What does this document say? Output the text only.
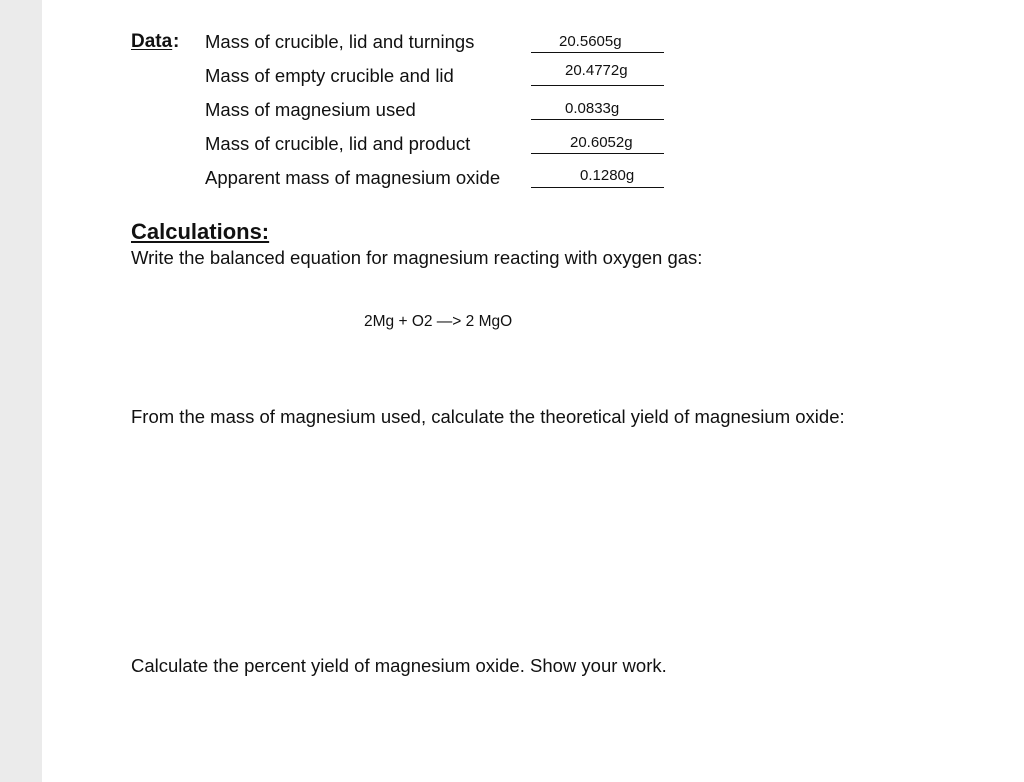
Data : Mass of crucible, lid and turnings	20.5605g
Mass of empty crucible and lid	20.4772g
Mass of magnesium used	0.0833g
Mass of crucible, lid and product	20.6052g
Apparent mass of magnesium oxide	0.1280g
Calculations:
Write the balanced equation for magnesium reacting with oxygen gas:
2Mg + O2 —> 2 MgO
From the mass of magnesium used, calculate the theoretical yield of magnesium oxide:
Calculate the percent yield of magnesium oxide. Show your work.
